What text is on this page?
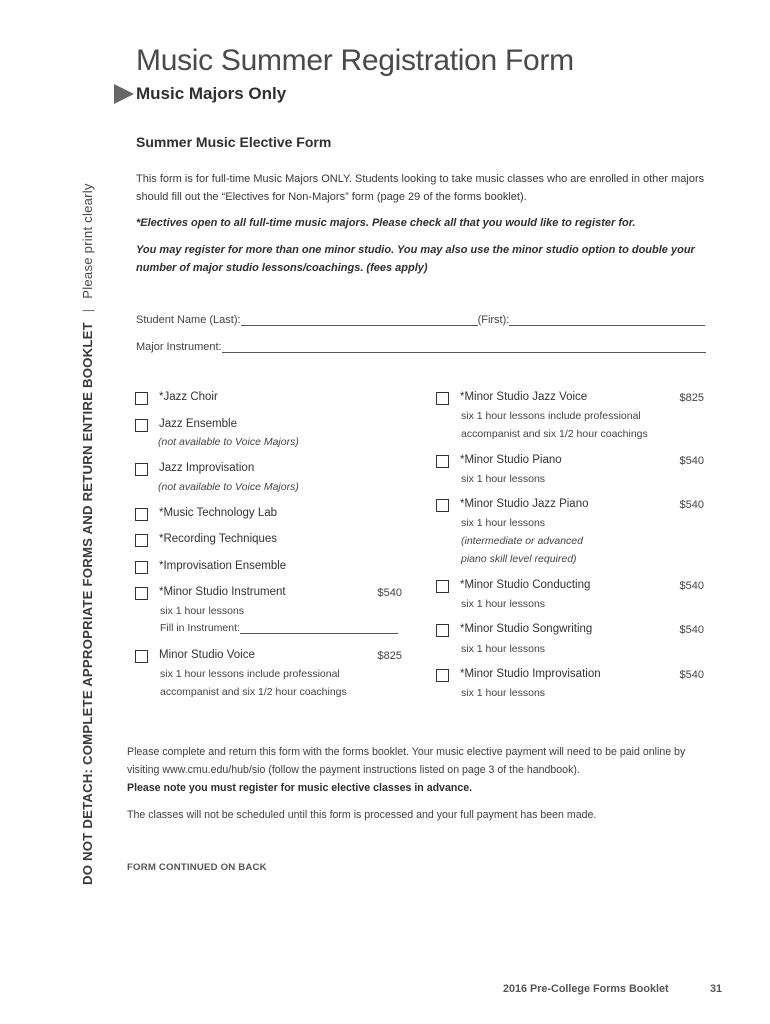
Music Summer Registration Form
Music Majors Only
DO NOT DETACH: COMPLETE APPROPRIATE FORMS AND RETURN ENTIRE BOOKLET | Please print clearly
Summer Music Elective Form
This form is for full-time Music Majors ONLY. Students looking to take music classes who are enrolled in other majors should fill out the “Electives for Non-Majors” form (page 29 of the forms booklet).
*Electives open to all full-time music majors. Please check all that you would like to register for.
You may register for more than one minor studio. You may also use the minor studio option to double your number of major studio lessons/coachings. (fees apply)
Student Name (Last):	(First):
Major Instrument:
*Jazz Choir
Jazz Ensemble
(not available to Voice Majors)
Jazz Improvisation
(not available to Voice Majors)
*Music Technology Lab
*Recording Techniques
*Improvisation Ensemble
*Minor Studio Instrument	$540
six 1 hour lessons
Fill in Instrument:
Minor Studio Voice	$825
six 1 hour lessons include professional
accompanist and six 1/2 hour coachings
*Minor Studio Jazz Voice	$825
six 1 hour lessons include professional
accompanist and six 1/2 hour coachings
*Minor Studio Piano	$540
six 1 hour lessons
*Minor Studio Jazz Piano	$540
six 1 hour lessons
(intermediate or advanced
piano skill level required)
*Minor Studio Conducting	$540
six 1 hour lessons
*Minor Studio Songwriting	$540
six 1 hour lessons
*Minor Studio Improvisation	$540
six 1 hour lessons
Please complete and return this form with the forms booklet. Your music elective payment will need to be paid online by visiting www.cmu.edu/hub/sio (follow the payment instructions listed on page 3 of the handbook).
Please note you must register for music elective classes in advance.
The classes will not be scheduled until this form is processed and your full payment has been made.
FORM CONTINUED ON BACK
2016 Pre-College Forms Booklet	31
